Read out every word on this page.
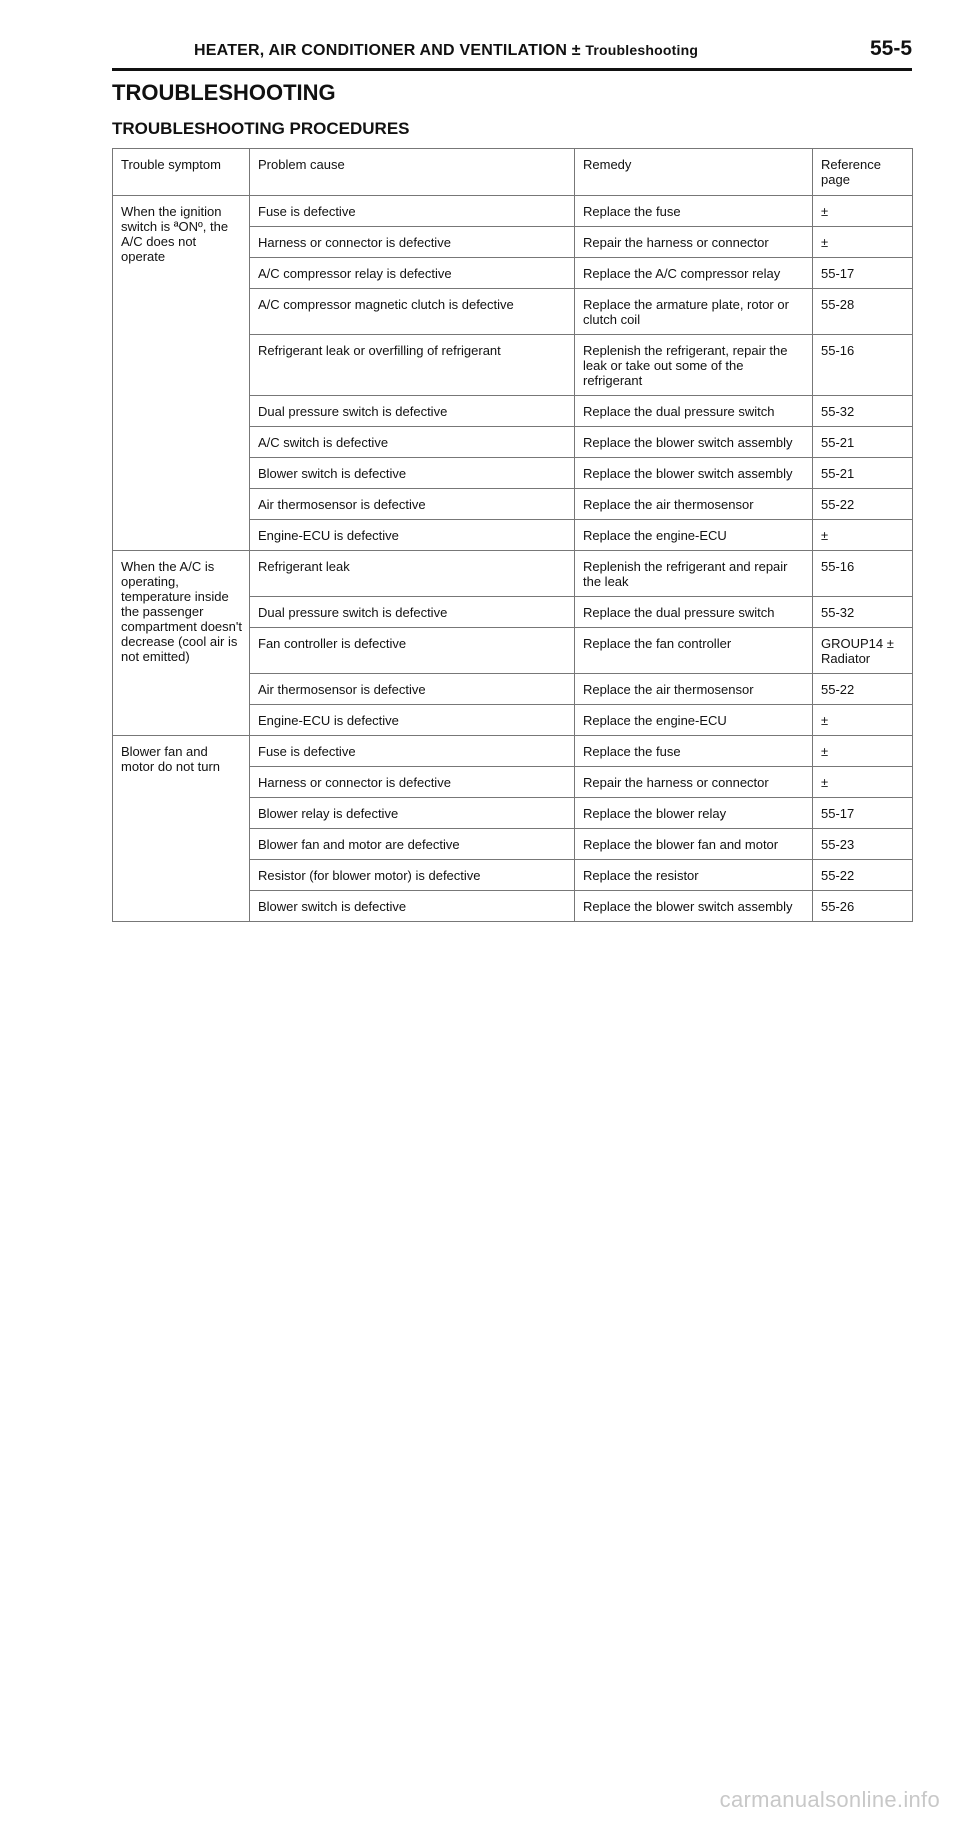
HEATER, AIR CONDITIONER AND VENTILATION ± Troubleshooting	55-5
TROUBLESHOOTING
TROUBLESHOOTING PROCEDURES
Trouble symptom	Problem cause	Remedy	Reference page
When the ignition switch is ªONº, the A/C does not operate	Fuse is defective	Replace the fuse	±
	Harness or connector is defective	Repair the harness or connector	±
	A/C compressor relay is defective	Replace the A/C compressor relay	55-17
	A/C compressor magnetic clutch is defective	Replace the armature plate, rotor or clutch coil	55-28
	Refrigerant leak or overfilling of refrigerant	Replenish the refrigerant, repair the leak or take out some of the refrigerant	55-16
	Dual pressure switch is defective	Replace the dual pressure switch	55-32
	A/C switch is defective	Replace the blower switch assembly	55-21
	Blower switch is defective	Replace the blower switch assembly	55-21
	Air thermosensor is defective	Replace the air thermosensor	55-22
	Engine-ECU is defective	Replace the engine-ECU	±
When the A/C is operating, temperature inside the passenger compartment doesn't decrease (cool air is not emitted)	Refrigerant leak	Replenish the refrigerant and repair the leak	55-16
	Dual pressure switch is defective	Replace the dual pressure switch	55-32
	Fan controller is defective	Replace the fan controller	GROUP14 ± Radiator
	Air thermosensor is defective	Replace the air thermosensor	55-22
	Engine-ECU is defective	Replace the engine-ECU	±
Blower fan and motor do not turn	Fuse is defective	Replace the fuse	±
	Harness or connector is defective	Repair the harness or connector	±
	Blower relay is defective	Replace the blower relay	55-17
	Blower fan and motor are defective	Replace the blower fan and motor	55-23
	Resistor (for blower motor) is defective	Replace the resistor	55-22
	Blower switch is defective	Replace the blower switch assembly	55-26
carmanualsonline.info
